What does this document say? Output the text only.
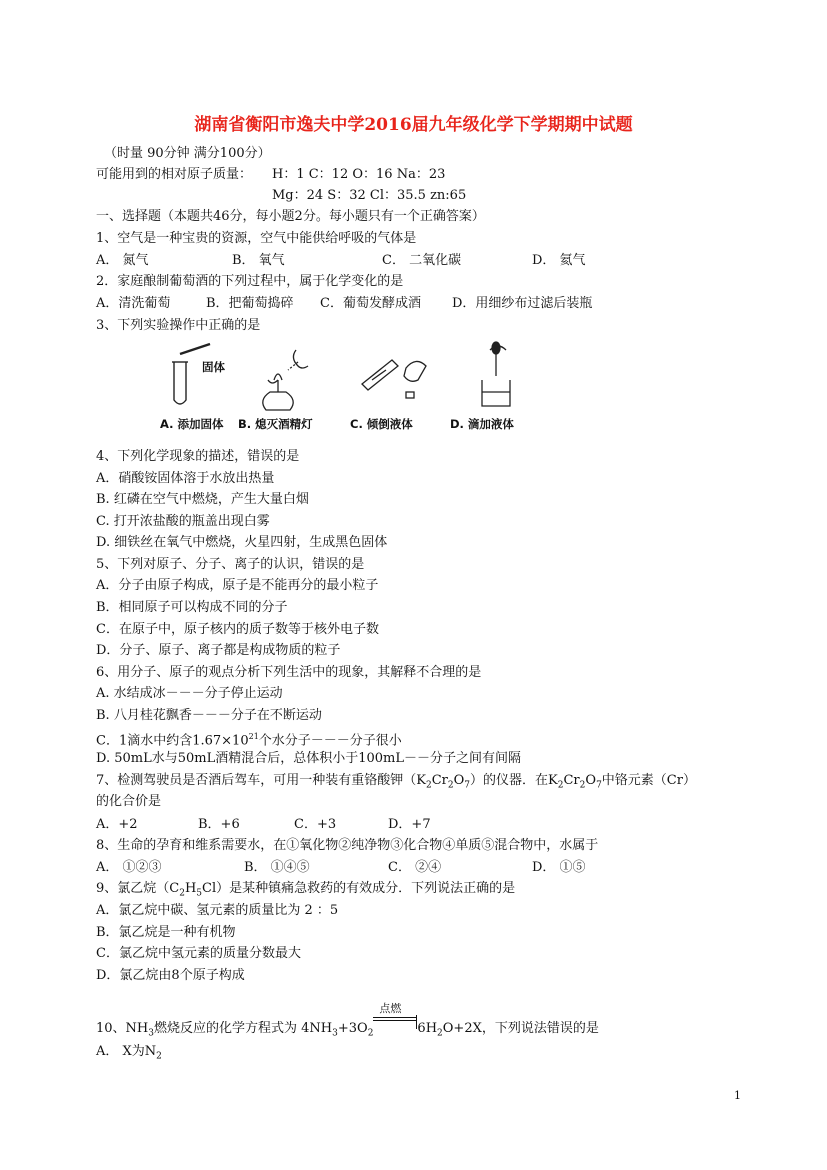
湖南省衡阳市逸夫中学2016届九年级化学下学期期中试题
（时量 90分钟 满分100分）
可能用到的相对原子质量： H：1 C：12 O：16 Na：23
Mg：24 S：32 Cl：35.5 zn:65
一、选择题（本题共46分，每小题2分。每小题只有一个正确答案）
1、空气是一种宝贵的资源，空气中能供给呼吸的气体是
A． 氮气	B． 氧气	C． 二氧化碳	D． 氦气
2．家庭酿制葡萄酒的下列过程中，属于化学变化的是
A．清洗葡萄	B．把葡萄捣碎 C．葡萄发酵成酒 D．用细纱布过滤后装瓶
3、下列实验操作中正确的是
固体
A. 添加固体 B. 熄灭酒精灯	C. 倾倒液体	D. 滴加液体
4、下列化学现象的描述，错误的是
A．硝酸铵固体溶于水放出热量
B. 红磷在空气中燃烧，产生大量白烟
C. 打开浓盐酸的瓶盖出现白雾
D. 细铁丝在氧气中燃烧，火星四射，生成黑色固体
5、下列对原子、分子、离子的认识，错误的是
A．分子由原子构成，原子是不能再分的最小粒子
B．相同原子可以构成不同的分子
C．在原子中，原子核内的质子数等于核外电子数
D．分子、原子、离子都是构成物质的粒子
6、用分子、原子的观点分析下列生活中的现象，其解释不合理的是
A. 水结成冰－－－分子停止运动
B. 八月桂花飘香－－－分子在不断运动
C．1滴水中约含$1.67\times 10^{21}$个水分子－－－分子很小
D. 50mL水与50mL酒精混合后，总体积小于100mL－－分子之间有间隔
7、检测驾驶员是否酒后驾车，可用一种装有重铬酸钾$(K_2Cr_2O_7)$的仪器．在$K_2Cr_2O_7$中铬元素（Cr）
的化合价是
A．+2	B．+6	C．+3	D．+7
8、生命的孕育和维系需要水，在①氧化物②纯净物③化合物④单质⑤混合物中，水属于
A． ①②③	B． ①④⑤	C． ②④	D． ①⑤
9、氯乙烷$(C_2H_5Cl)$是某种镇痛急救药的有效成分．下列说法正确的是
A．氯乙烷中碳、氢元素的质量比为 2 ：5
B．氯乙烷是一种有机物
C．氯乙烷中氢元素的质量分数最大
D．氯乙烷由8个原子构成
10、$NH_3$燃烧反应的化学方程式为 $4NH_3+3O_2$
点燃
$6H_2O+2X$，下列说法错误的是
A． X为$N_2$
1
